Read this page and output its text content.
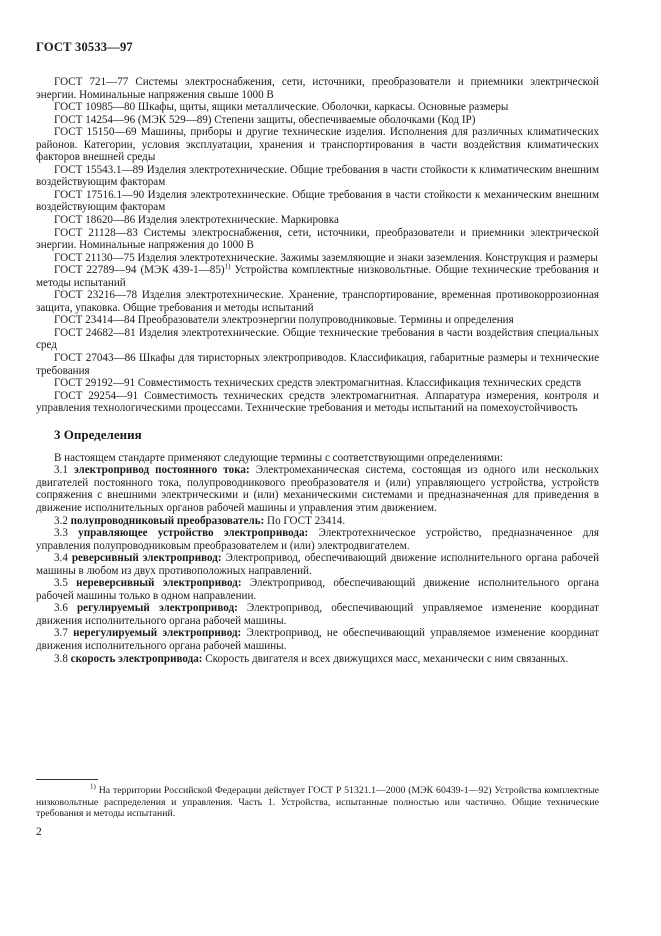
ГОСТ 30533—97

ГОСТ 721—77 Системы электроснабжения, сети, источники, преобразователи и приемники электрической энергии. Номинальные напряжения свыше 1000 В

ГОСТ 10985—80 Шкафы, щиты, ящики металлические. Оболочки, каркасы. Основные размеры

ГОСТ 14254—96 (МЭК 529—89) Степени защиты, обеспечиваемые оболочками (Код IP)

ГОСТ 15150—69 Машины, приборы и другие технические изделия. Исполнения для различных климатических районов. Категории, условия эксплуатации, хранения и транспортирования в части воздействия климатических факторов внешней среды

ГОСТ 15543.1—89 Изделия электротехнические. Общие требования в части стойкости к климатическим внешним воздействующим факторам

ГОСТ 17516.1—90 Изделия электротехнические. Общие требования в части стойкости к механическим внешним воздействующим факторам

ГОСТ 18620—86 Изделия электротехнические. Маркировка

ГОСТ 21128—83 Системы электроснабжения, сети, источники, преобразователи и приемники электрической энергии. Номинальные напряжения до 1000 В

ГОСТ 21130—75 Изделия электротехнические. Зажимы заземляющие и знаки заземления. Конструкция и размеры

ГОСТ 22789—94 (МЭК 439-1—85)$^{1)}$ Устройства комплектные низковольтные. Общие технические требования и методы испытаний

ГОСТ 23216—78 Изделия электротехнические. Хранение, транспортирование, временная противокоррозионная защита, упаковка. Общие требования и методы испытаний

ГОСТ 23414—84 Преобразователи электроэнергии полупроводниковые. Термины и определения

ГОСТ 24682—81 Изделия электротехнические. Общие технические требования в части воздействия специальных сред

ГОСТ 27043—86 Шкафы для тиристорных электроприводов. Классификация, габаритные размеры и технические требования

ГОСТ 29192—91 Совместимость технических средств электромагнитная. Классификация технических средств

ГОСТ 29254—91 Совместимость технических средств электромагнитная. Аппаратура измерения, контроля и управления технологическими процессами. Технические требования и методы испытаний на помехоустойчивость

3 Определения

В настоящем стандарте применяют следующие термины с соответствующими определениями:

3.1 электропривод постоянного тока: Электромеханическая система, состоящая из одного или нескольких двигателей постоянного тока, полупроводникового преобразователя и (или) управляющего устройства, устройств сопряжения с внешними электрическими и (или) механическими системами и предназначенная для приведения в движение исполнительных органов рабочей машины и управления этим движением.

3.2 полупроводниковый преобразователь: По ГОСТ 23414.

3.3 управляющее устройство электропривода: Электротехническое устройство, предназначенное для управления полупроводниковым преобразователем и (или) электродвигателем.

3.4 реверсивный электропривод: Электропривод, обеспечивающий движение исполнительного органа рабочей машины в любом из двух противоположных направлений.

3.5 нереверсивный электропривод: Электропривод, обеспечивающий движение исполнительного органа рабочей машины только в одном направлении.

3.6 регулируемый электропривод: Электропривод, обеспечивающий управляемое изменение координат движения исполнительного органа рабочей машины.

3.7 нерегулируемый электропривод: Электропривод, не обеспечивающий управляемое изменение координат движения исполнительного органа рабочей машины.

3.8 скорость электропривода: Скорость двигателя и всех движущихся масс, механически с ним связанных.

$^{1)}$ На территории Российской Федерации действует ГОСТ Р 51321.1—2000 (МЭК 60439-1—92) Устройства комплектные низковольтные распределения и управления. Часть 1. Устройства, испытанные полностью или частично. Общие технические требования и методы испытаний.

2
